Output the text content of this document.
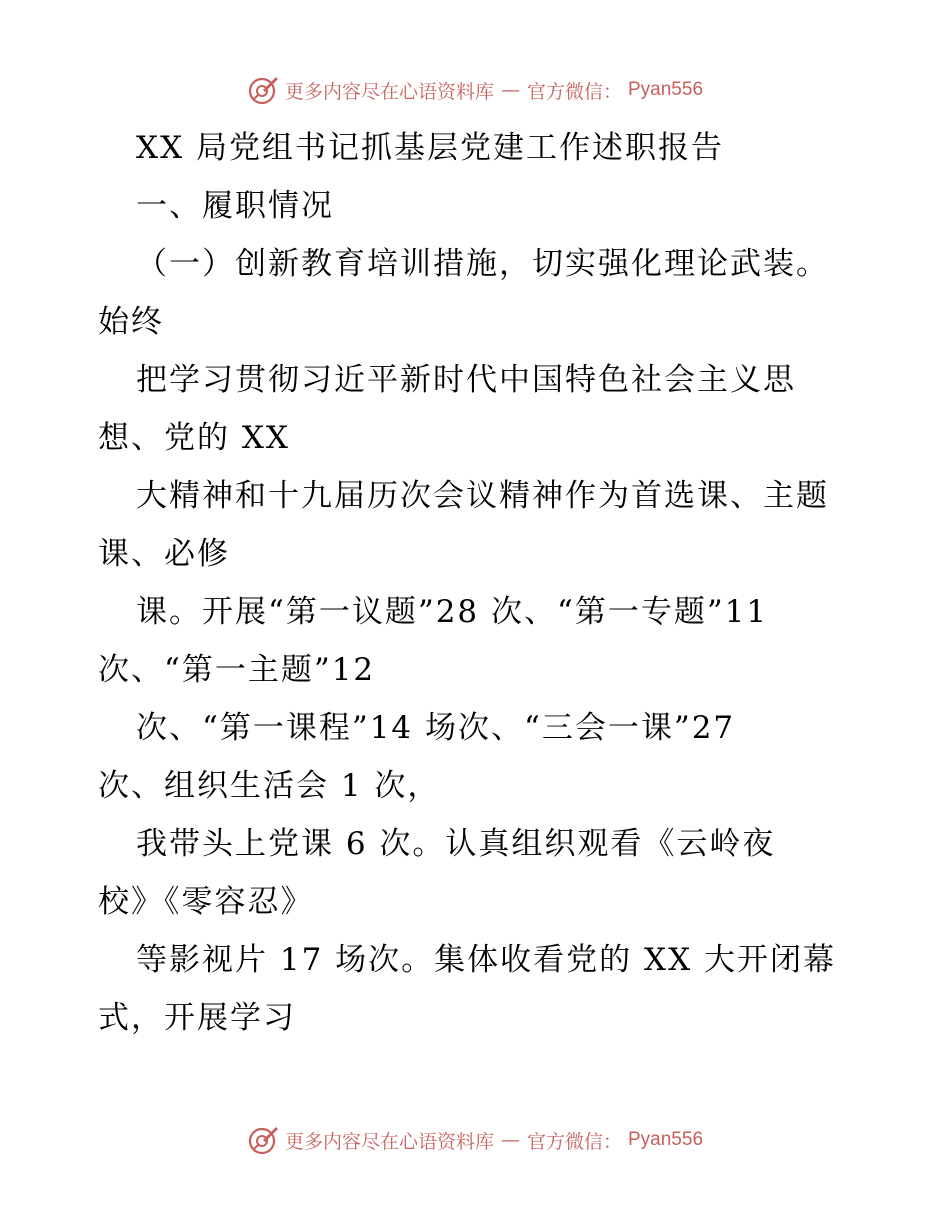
更多内容尽在心语资料库 — 官方微信： Pyan556
XX 局党组书记抓基层党建工作述职报告
一、履职情况
（一）创新教育培训措施，切实强化理论武装。
始终
把学习贯彻习近平新时代中国特色社会主义思
想、党的 XX
大精神和十九届历次会议精神作为首选课、主题
课、必修
课。开展“第一议题”28 次、“第一专题”11
次、“第一主题”12
次、“第一课程”14 场次、“三会一课”27
次、组织生活会 1 次，
我带头上党课 6 次。认真组织观看《云岭夜
校》《零容忍》
等影视片 17 场次。集体收看党的 XX 大开闭幕
式，开展学习
更多内容尽在心语资料库 — 官方微信： Pyan556
